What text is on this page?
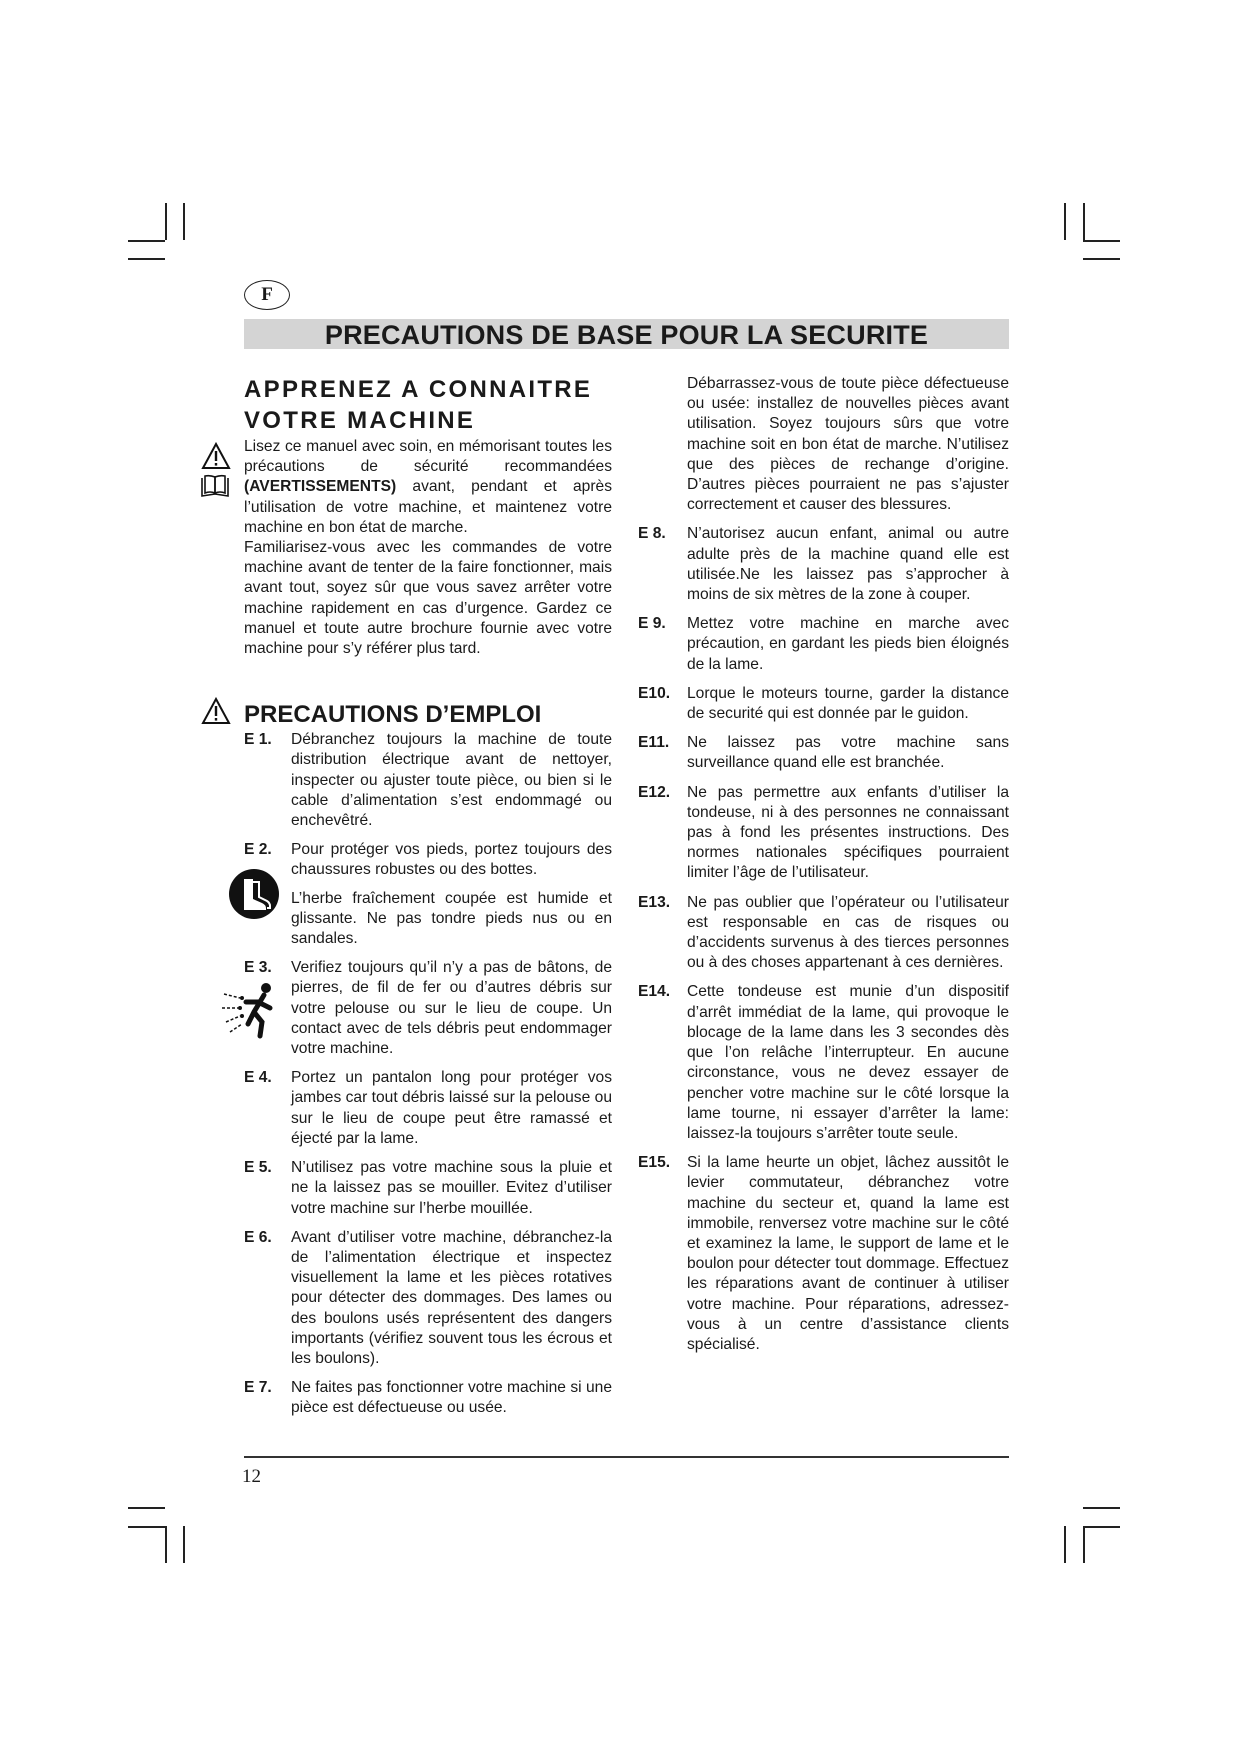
F
PRECAUTIONS DE BASE POUR LA SECURITE
APPRENEZ A CONNAITRE VOTRE MACHINE

Lisez ce manuel avec soin, en mémorisant toutes les précautions de sécurité recommandées (AVERTISSEMENTS) avant, pendant et après l’utilisation de votre machine, et maintenez votre machine en bon état de marche.

Familiarisez-vous avec les commandes de votre machine avant de tenter de la faire fonctionner, mais avant tout, soyez sûr que vous savez arrêter votre machine rapidement en cas d’urgence. Gardez ce manuel et toute autre brochure fournie avec votre machine pour s’y référer plus tard.

PRECAUTIONS D’EMPLOI
E 1. Débranchez toujours la machine de toute distribution électrique avant de nettoyer, inspecter ou ajuster toute pièce, ou bien si le cable d’alimentation s’est endommagé ou enchevêtré.

E 2. Pour protéger vos pieds, portez toujours des chaussures robustes ou des bottes.

L’herbe fraîchement coupée est humide et glissante. Ne pas tondre pieds nus ou en sandales.

E 3. Verifiez toujours qu’il n’y a pas de bâtons, de pierres, de fil de fer ou d’autres débris sur votre pelouse ou sur le lieu de coupe. Un contact avec de tels débris peut endommager votre machine.

E 4. Portez un pantalon long pour protéger vos jambes car tout débris laissé sur la pelouse ou sur le lieu de coupe peut être ramassé et éjecté par la lame.

E 5. N’utilisez pas votre machine sous la pluie et ne la laissez pas se mouiller. Evitez d’utiliser votre machine sur l’herbe mouillée.

E 6. Avant d’utiliser votre machine, débranchez-la de l’alimentation électrique et inspectez visuellement la lame et les pièces rotatives pour détecter des dommages. Des lames ou des boulons usés représentent des dangers importants (vérifiez souvent tous les écrous et les boulons).

E 7. Ne faites pas fonctionner votre machine si une pièce est défectueuse ou usée.

Débarrassez-vous de toute pièce défectueuse ou usée: installez de nouvelles pièces avant utilisation. Soyez toujours sûrs que votre machine soit en bon état de marche. N’utilisez que des pièces de rechange d’origine. D’autres pièces pourraient ne pas s’ajuster correctement et causer des blessures.

E 8. N’autorisez aucun enfant, animal ou autre adulte près de la machine quand elle est utilisée.Ne les laissez pas s’approcher à moins de six mètres de la zone à couper.

E 9. Mettez votre machine en marche avec précaution, en gardant les pieds bien éloignés de la lame.

E10. Lorque le moteurs tourne, garder la distance de securité qui est donnée par le guidon.

E11. Ne laissez pas votre machine sans surveillance quand elle est branchée.

E12. Ne pas permettre aux enfants d’utiliser la tondeuse, ni à des personnes ne connaissant pas à fond les présentes instructions. Des normes nationales spécifiques pourraient limiter l’âge de l’utilisateur.

E13. Ne pas oublier que l’opérateur ou l’utilisateur est responsable en cas de risques ou d’accidents survenus à des tierces personnes ou à des choses appartenant à ces dernières.

E14. Cette tondeuse est munie d’un dispositif d’arrêt immédiat de la lame, qui provoque le blocage de la lame dans les 3 secondes dès que l’on relâche l’interrupteur. En aucune circonstance, vous ne devez essayer de pencher votre machine sur le côté lorsque la lame tourne, ni essayer d’arrêter la lame: laissez-la toujours s’arrêter toute seule.

E15. Si la lame heurte un objet, lâchez aussitôt le levier commutateur, débranchez votre machine du secteur et, quand la lame est immobile, renversez votre machine sur le côté et examinez la lame, le support de lame et le boulon pour détecter tout dommage. Effectuez les réparations avant de continuer à utiliser votre machine. Pour réparations, adressez-vous à un centre d’assistance clients spécialisé.

12
